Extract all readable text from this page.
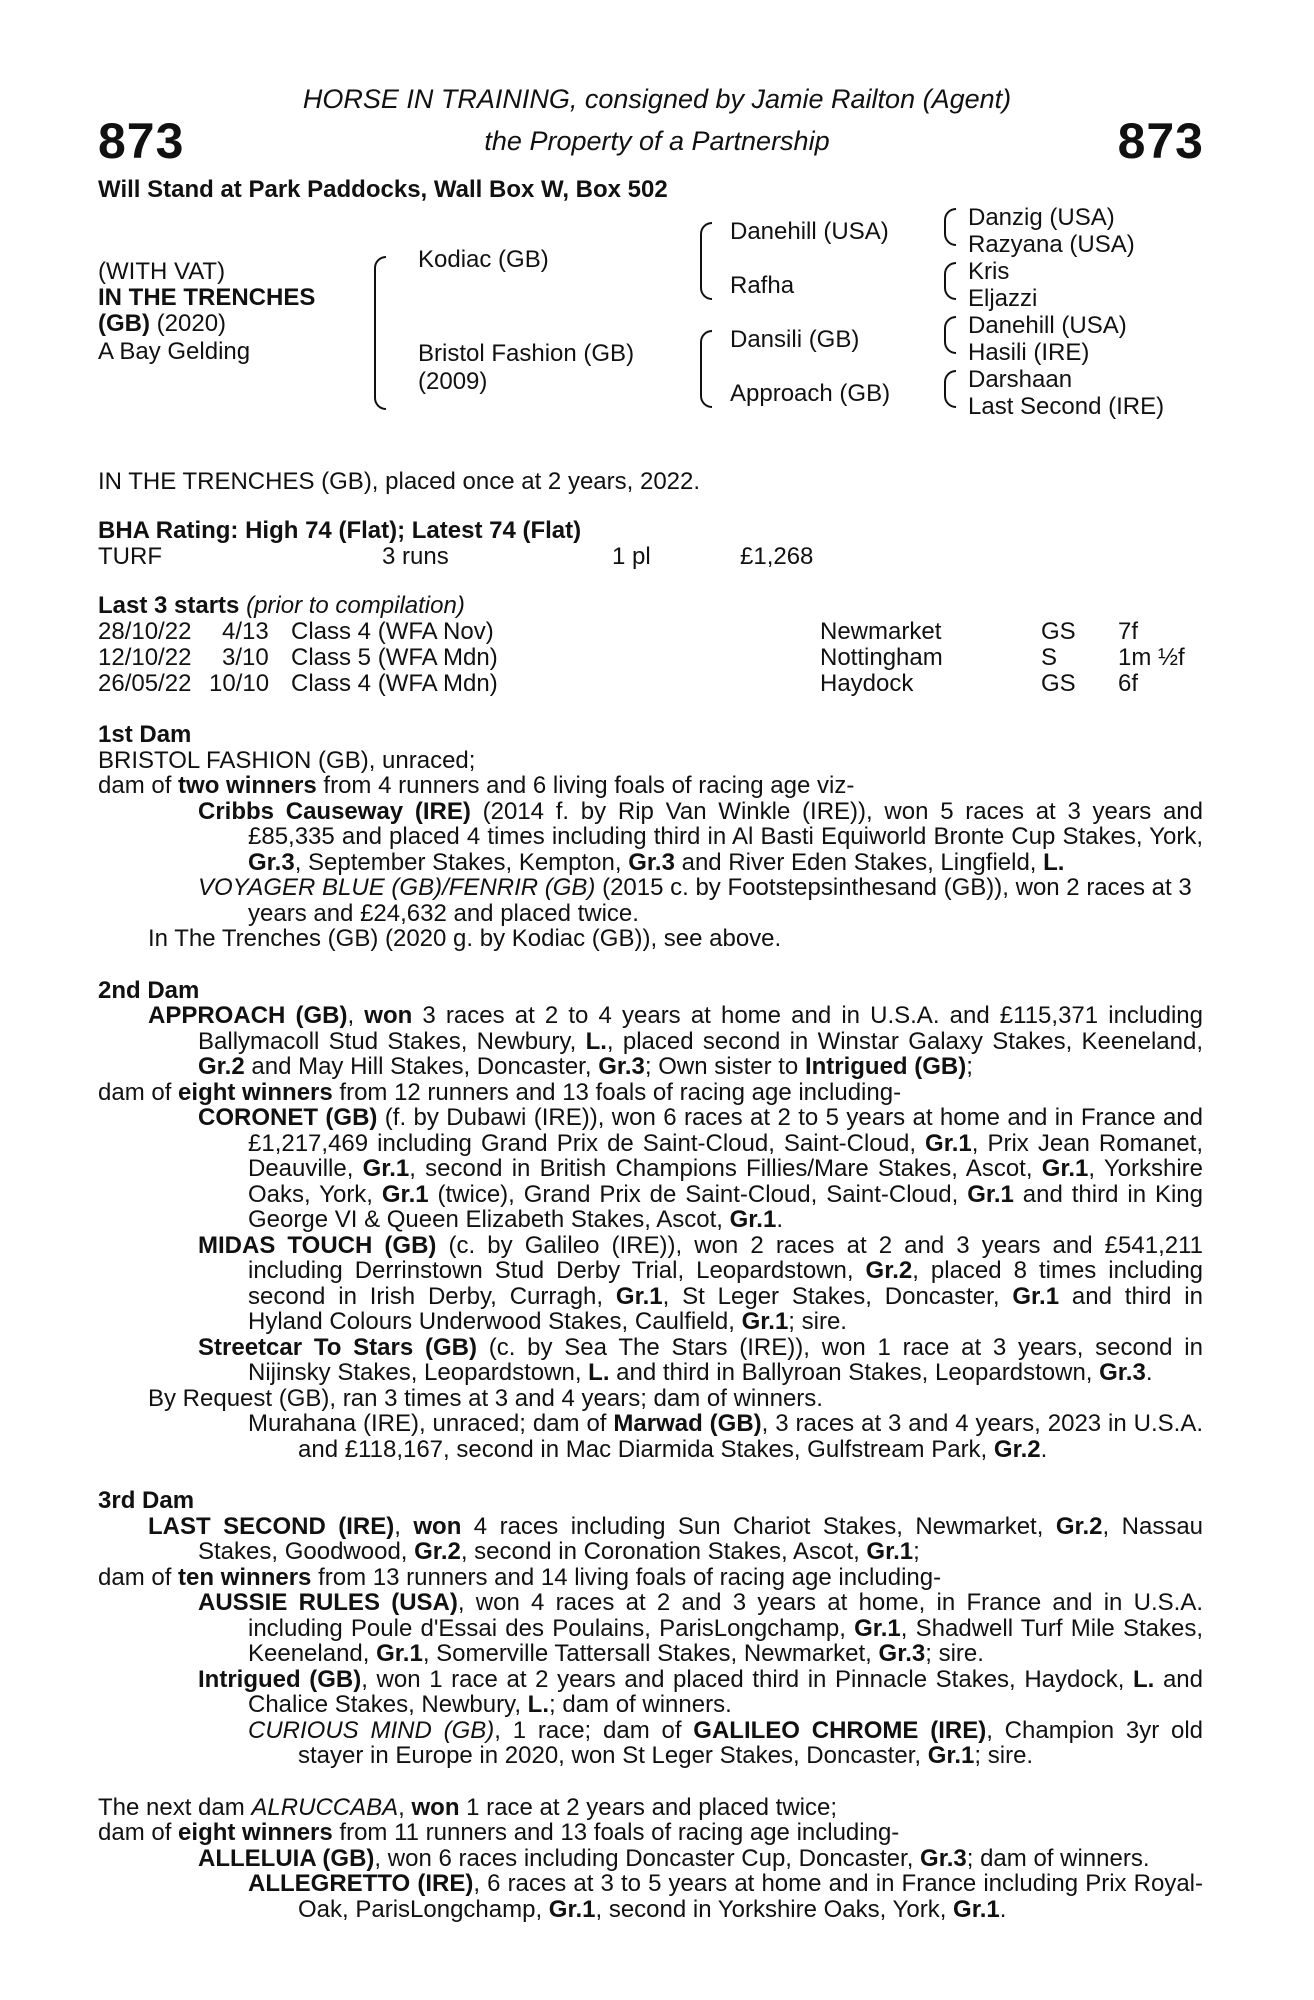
873	873
HORSE IN TRAINING, consigned by Jamie Railton (Agent)
the Property of a Partnership
Will Stand at Park Paddocks, Wall Box W, Box 502
(WITH VAT)
IN THE TRENCHES
(GB) (2020)
A Bay Gelding
Kodiac (GB)
Bristol Fashion (GB)
(2009)
Danehill (USA)
Rafha
Dansili (GB)
Approach (GB)
Danzig (USA)
Razyana (USA)
Kris
Eljazzi
Danehill (USA)
Hasili (IRE)
Darshaan
Last Second (IRE)
IN THE TRENCHES (GB), placed once at 2 years, 2022.
BHA Rating: High 74 (Flat); Latest 74 (Flat)
TURF	3 runs	1 pl	£1,268
Last 3 starts (prior to compilation)
28/10/22 4/13 Class 4 (WFA Nov)	Newmarket	GS 7f
12/10/22 3/10 Class 5 (WFA Mdn)	Nottingham	S	1m ½f
26/05/22 10/10 Class 4 (WFA Mdn)	Haydock	GS 6f

1st Dam

BRISTOL FASHION (GB), unraced;

dam of two winners from 4 runners and 6 living foals of racing age viz-

Cribbs Causeway (IRE) (2014 f. by Rip Van Winkle (IRE)), won 5 races at 3 years and £85,335 and placed 4 times including third in Al Basti Equiworld Bronte Cup Stakes, York, Gr.3, September Stakes, Kempton, Gr.3 and River Eden Stakes, Lingfield, L.

VOYAGER BLUE (GB)/FENRIR (GB) (2015 c. by Footstepsinthesand (GB)), won 2 races at 3 years and £24,632 and placed twice.

In The Trenches (GB) (2020 g. by Kodiac (GB)), see above.

2nd Dam

APPROACH (GB), won 3 races at 2 to 4 years at home and in U.S.A. and £115,371 including Ballymacoll Stud Stakes, Newbury, L., placed second in Winstar Galaxy Stakes, Keeneland, Gr.2 and May Hill Stakes, Doncaster, Gr.3; Own sister to Intrigued (GB);

dam of eight winners from 12 runners and 13 foals of racing age including-

CORONET (GB) (f. by Dubawi (IRE)), won 6 races at 2 to 5 years at home and in France and £1,217,469 including Grand Prix de Saint-Cloud, Saint-Cloud, Gr.1, Prix Jean Romanet, Deauville, Gr.1, second in British Champions Fillies/Mare Stakes, Ascot, Gr.1, Yorkshire Oaks, York, Gr.1 (twice), Grand Prix de Saint-Cloud, Saint-Cloud, Gr.1 and third in King George VI & Queen Elizabeth Stakes, Ascot, Gr.1.

MIDAS TOUCH (GB) (c. by Galileo (IRE)), won 2 races at 2 and 3 years and £541,211 including Derrinstown Stud Derby Trial, Leopardstown, Gr.2, placed 8 times including second in Irish Derby, Curragh, Gr.1, St Leger Stakes, Doncaster, Gr.1 and third in Hyland Colours Underwood Stakes, Caulfield, Gr.1; sire.

Streetcar To Stars (GB) (c. by Sea The Stars (IRE)), won 1 race at 3 years, second in Nijinsky Stakes, Leopardstown, L. and third in Ballyroan Stakes, Leopardstown, Gr.3.

By Request (GB), ran 3 times at 3 and 4 years; dam of winners.

Murahana (IRE), unraced; dam of Marwad (GB), 3 races at 3 and 4 years, 2023 in U.S.A. and £118,167, second in Mac Diarmida Stakes, Gulfstream Park, Gr.2.

3rd Dam

LAST SECOND (IRE), won 4 races including Sun Chariot Stakes, Newmarket, Gr.2, Nassau Stakes, Goodwood, Gr.2, second in Coronation Stakes, Ascot, Gr.1;

dam of ten winners from 13 runners and 14 living foals of racing age including-

AUSSIE RULES (USA), won 4 races at 2 and 3 years at home, in France and in U.S.A. including Poule d'Essai des Poulains, ParisLongchamp, Gr.1, Shadwell Turf Mile Stakes, Keeneland, Gr.1, Somerville Tattersall Stakes, Newmarket, Gr.3; sire.

Intrigued (GB), won 1 race at 2 years and placed third in Pinnacle Stakes, Haydock, L. and Chalice Stakes, Newbury, L.; dam of winners.

CURIOUS MIND (GB), 1 race; dam of GALILEO CHROME (IRE), Champion 3yr old stayer in Europe in 2020, won St Leger Stakes, Doncaster, Gr.1; sire.

The next dam ALRUCCABA, won 1 race at 2 years and placed twice;

dam of eight winners from 11 runners and 13 foals of racing age including-

ALLELUIA (GB), won 6 races including Doncaster Cup, Doncaster, Gr.3; dam of winners.

ALLEGRETTO (IRE), 6 races at 3 to 5 years at home and in France including Prix Royal-Oak, ParisLongchamp, Gr.1, second in Yorkshire Oaks, York, Gr.1.
